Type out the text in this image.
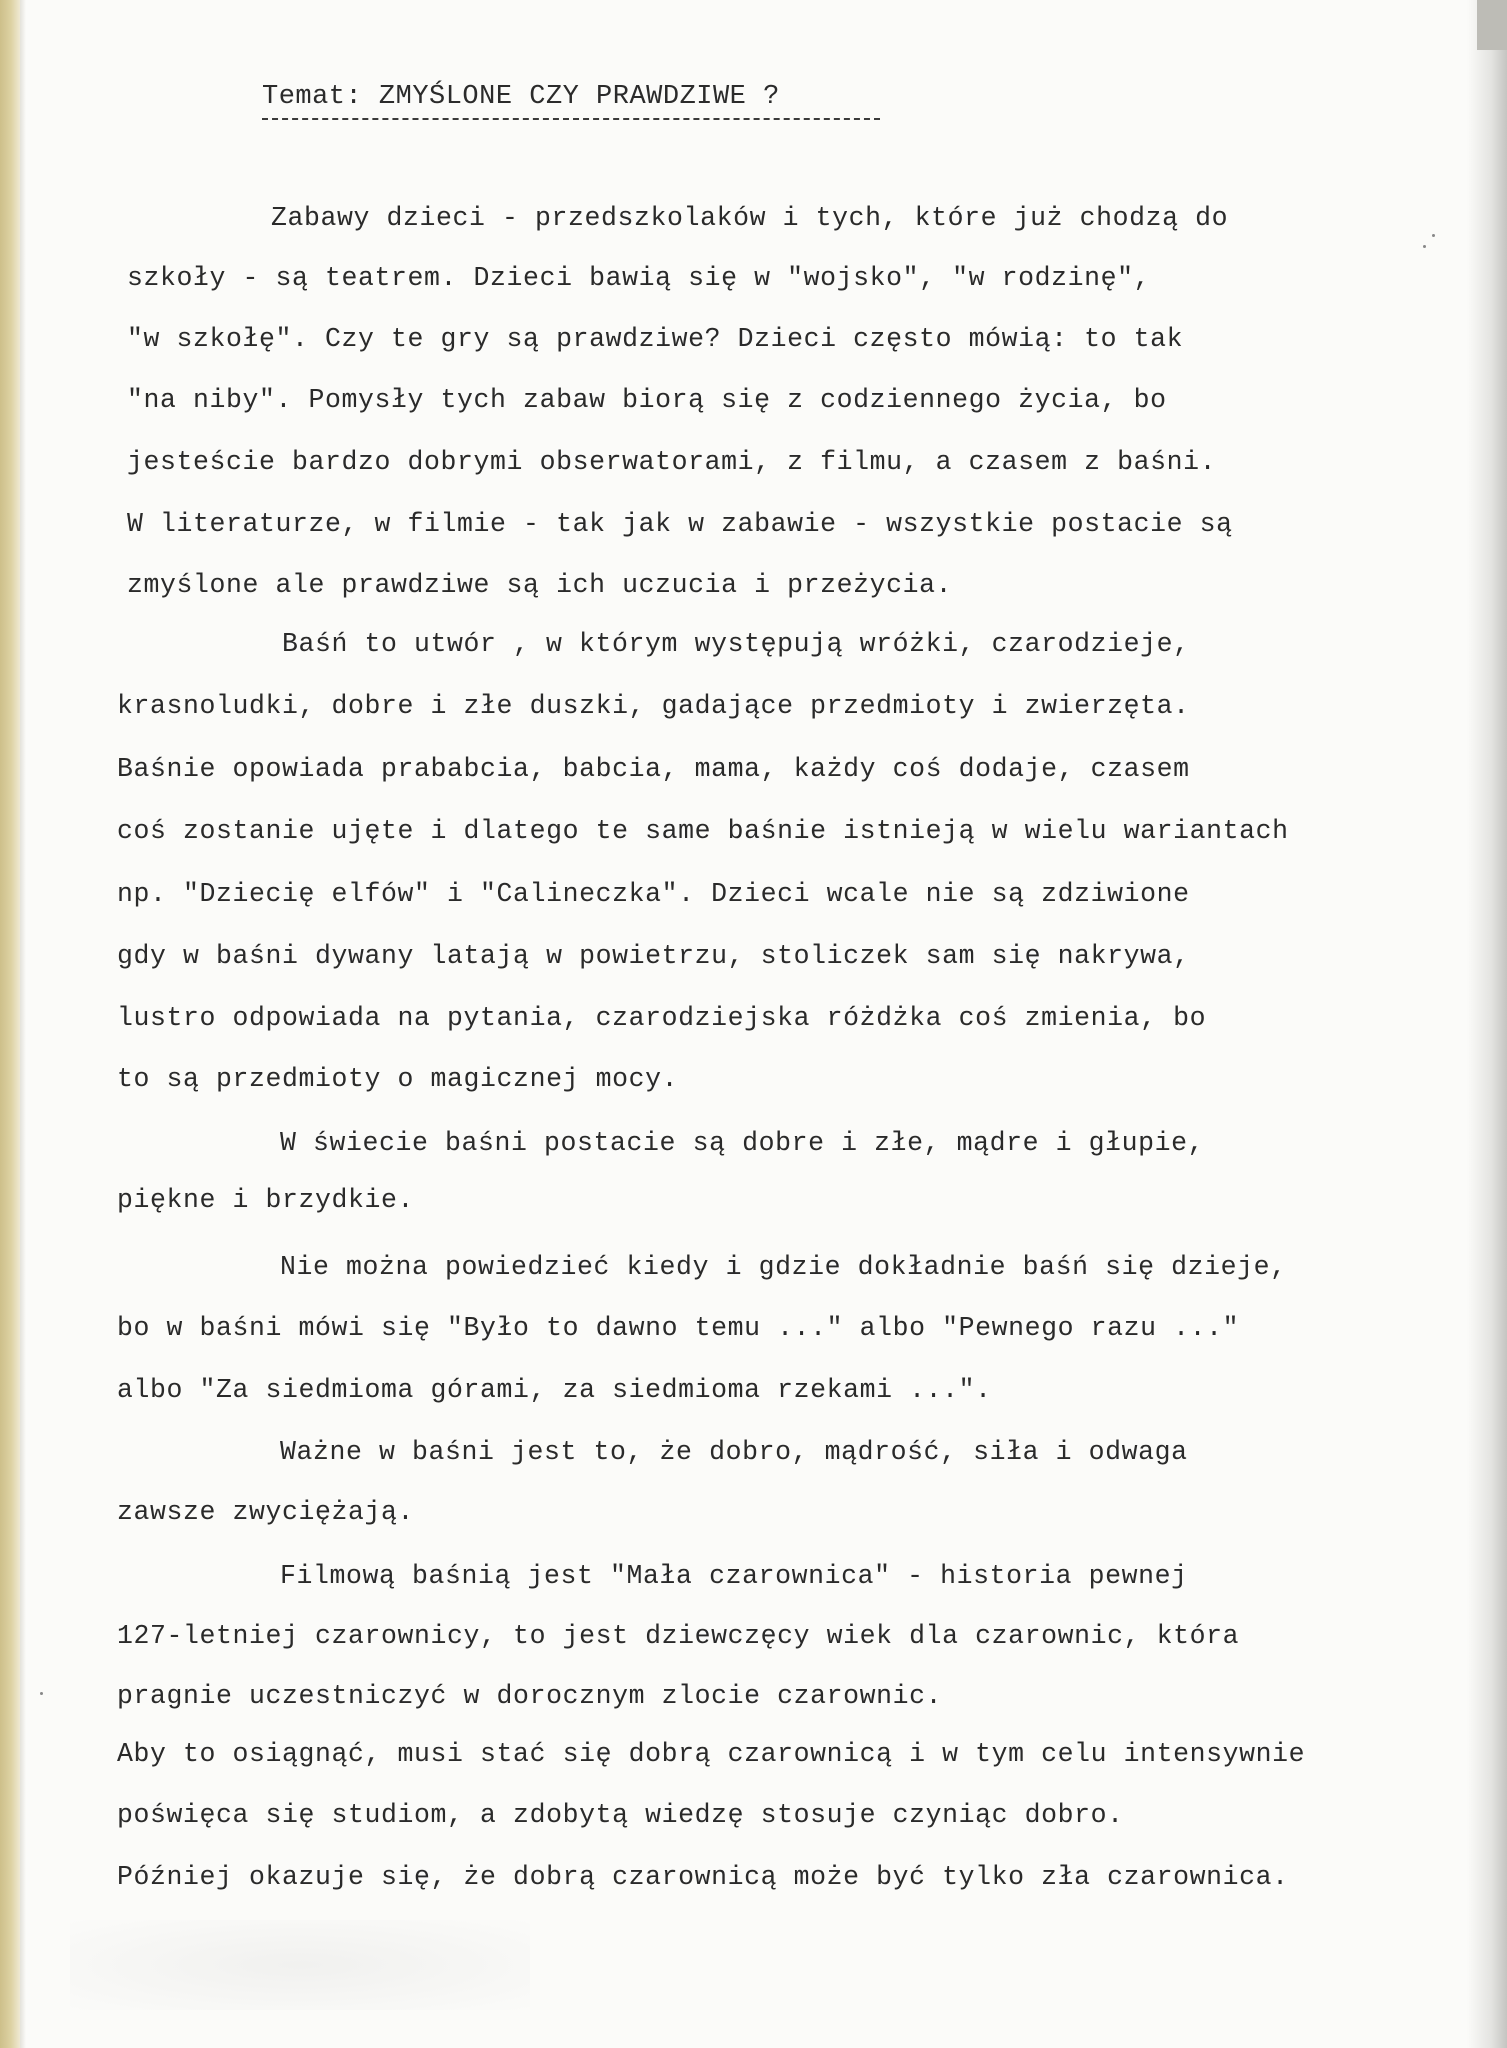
Temat: ZMYŚLONE CZY PRAWDZIWE ?

Zabawy dzieci - przedszkolaków i tych, które już chodzą do

szkoły - są teatrem. Dzieci bawią się w "wojsko", "w rodzinę",

"w szkołę". Czy te gry są prawdziwe? Dzieci często mówią: to tak

"na niby". Pomysły tych zabaw biorą się z codziennego życia, bo

jesteście bardzo dobrymi obserwatorami, z filmu, a czasem z baśni.

W literaturze, w filmie - tak jak w zabawie - wszystkie postacie są

zmyślone ale prawdziwe są ich uczucia i przeżycia.

Baśń to utwór , w którym występują wróżki, czarodzieje,

krasnoludki, dobre i złe duszki, gadające przedmioty i zwierzęta.

Baśnie opowiada prababcia, babcia, mama, każdy coś dodaje, czasem

coś zostanie ujęte i dlatego te same baśnie istnieją w wielu wariantach

np. "Dziecię elfów" i "Calineczka". Dzieci wcale nie są zdziwione

gdy w baśni dywany latają w powietrzu, stoliczek sam się nakrywa,

lustro odpowiada na pytania, czarodziejska różdżka coś zmienia, bo

to są przedmioty o magicznej mocy.

W świecie baśni postacie są dobre i złe, mądre i głupie,

piękne i brzydkie.

Nie można powiedzieć kiedy i gdzie dokładnie baśń się dzieje,

bo w baśni mówi się "Było to dawno temu ..." albo "Pewnego razu ..."

albo "Za siedmioma górami, za siedmioma rzekami ...".

Ważne w baśni jest to, że dobro, mądrość, siła i odwaga

zawsze zwyciężają.

Filmową baśnią jest "Mała czarownica" - historia pewnej

127-letniej czarownicy, to jest dziewczęcy wiek dla czarownic, która

pragnie uczestniczyć w dorocznym zlocie czarownic.

Aby to osiągnąć, musi stać się dobrą czarownicą i w tym celu intensywnie

poświęca się studiom, a zdobytą wiedzę stosuje czyniąc dobro.

Później okazuje się, że dobrą czarownicą może być tylko zła czarownica.
